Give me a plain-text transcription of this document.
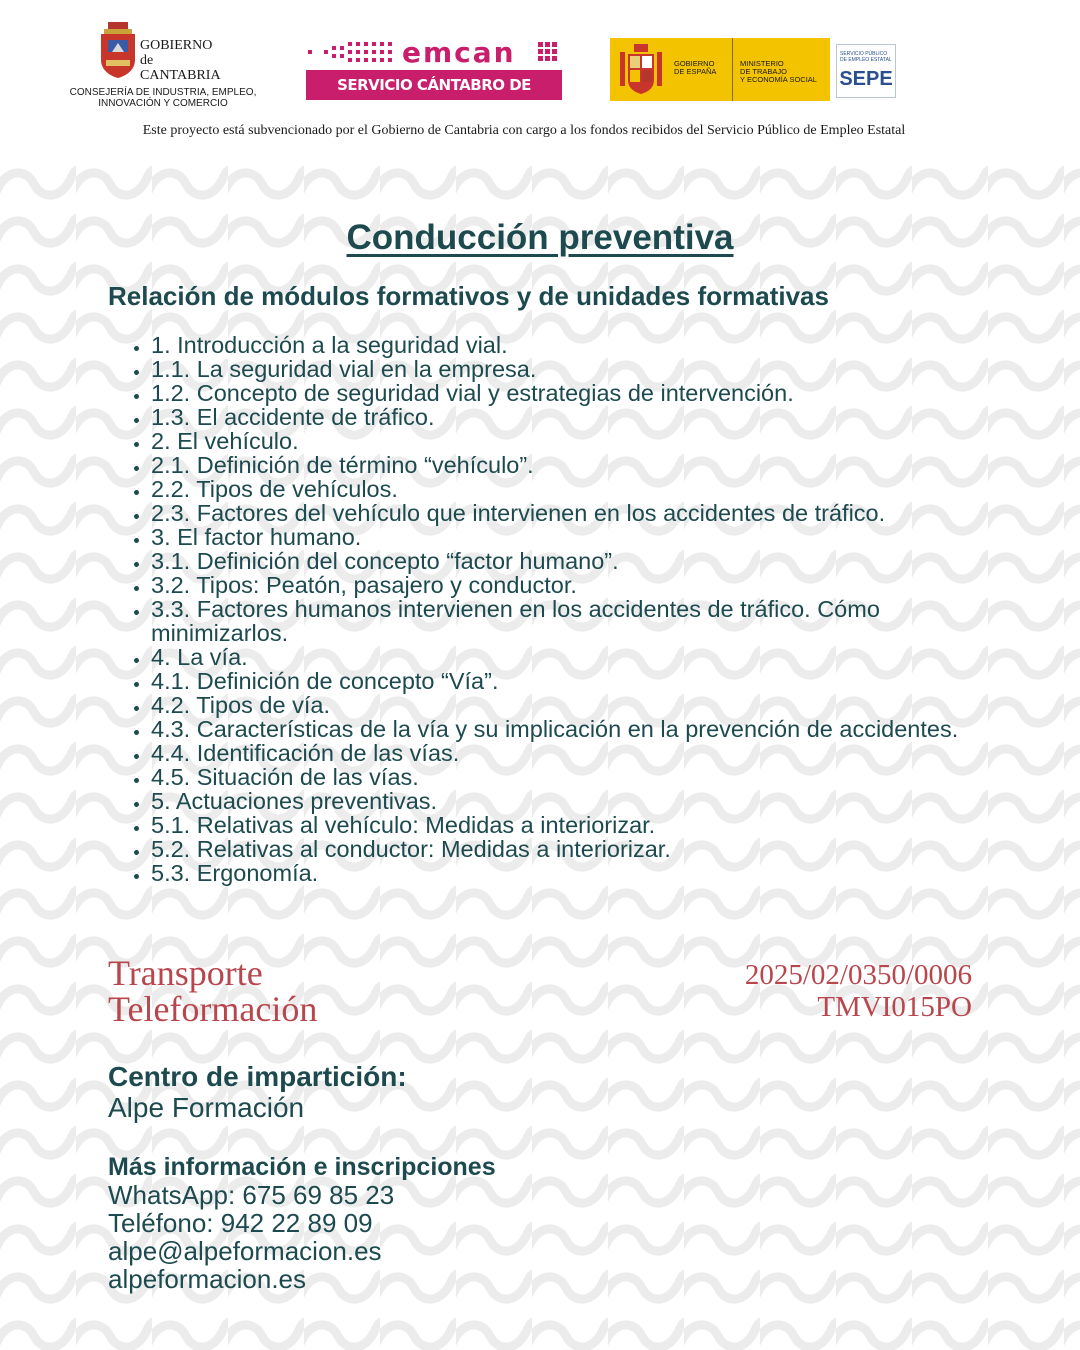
GOBIERNO
de
CANTABRIA
CONSEJERÍA DE INDUSTRIA, EMPLEO,
INNOVACIÓN Y COMERCIO
emcan
SERVICIO CÁNTABRO DE EMPLEO
GOBIERNO
DE ESPAÑA
MINISTERIO
DE TRABAJO
Y ECONOMÍA SOCIAL
SERVICIO PÚBLICO
DE EMPLEO ESTATAL
SEPE
Este proyecto está subvencionado por el Gobierno de Cantabria con cargo a los fondos recibidos del Servicio Público de Empleo Estatal
Conducción preventiva
Relación de módulos formativos y de unidades formativas
• 1. Introducción a la seguridad vial.
• 1.1. La seguridad vial en la empresa.
• 1.2. Concepto de seguridad vial y estrategias de intervención.
• 1.3. El accidente de tráfico.
• 2. El vehículo.
• 2.1. Definición de término “vehículo”.
• 2.2. Tipos de vehículos.
• 2.3. Factores del vehículo que intervienen en los accidentes de tráfico.
• 3. El factor humano.
• 3.1. Definición del concepto “factor humano”.
• 3.2. Tipos: Peatón, pasajero y conductor.
• 3.3. Factores humanos intervienen en los accidentes de tráfico. Cómo minimizarlos.
• 4. La vía.
• 4.1. Definición de concepto “Vía”.
• 4.2. Tipos de vía.
• 4.3. Características de la vía y su implicación en la prevención de accidentes.
• 4.4. Identificación de las vías.
• 4.5. Situación de las vías.
• 5. Actuaciones preventivas.
• 5.1. Relativas al vehículo: Medidas a interiorizar.
• 5.2. Relativas al conductor: Medidas a interiorizar.
• 5.3. Ergonomía.
Transporte
Teleformación
2025/02/0350/0006
TMVI015PO
Centro de impartición:
Alpe Formación
Más información e inscripciones
WhatsApp: 675 69 85 23
Teléfono: 942 22 89 09
alpe@alpeformacion.es
alpeformacion.es
